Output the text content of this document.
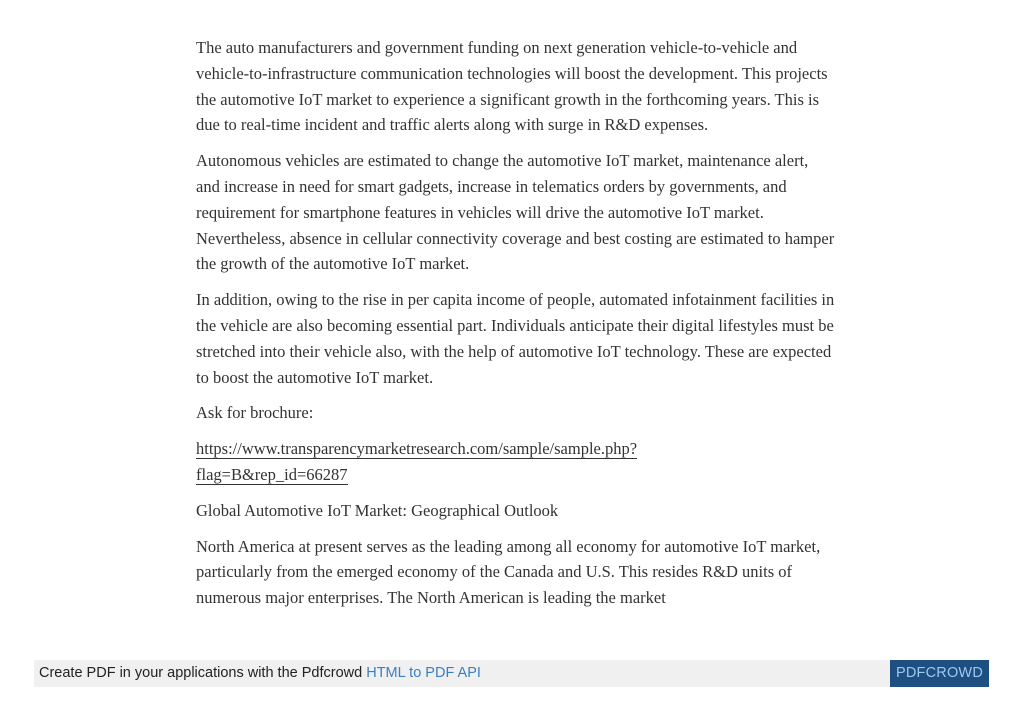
The auto manufacturers and government funding on next generation vehicle-to-vehicle and vehicle-to-infrastructure communication technologies will boost the development. This projects the automotive IoT market to experience a significant growth in the forthcoming years. This is due to real-time incident and traffic alerts along with surge in R&D expenses.

Autonomous vehicles are estimated to change the automotive IoT market, maintenance alert, and increase in need for smart gadgets, increase in telematics orders by governments, and requirement for smartphone features in vehicles will drive the automotive IoT market. Nevertheless, absence in cellular connectivity coverage and best costing are estimated to hamper the growth of the automotive IoT market.

In addition, owing to the rise in per capita income of people, automated infotainment facilities in the vehicle are also becoming essential part. Individuals anticipate their digital lifestyles must be stretched into their vehicle also, with the help of automotive IoT technology. These are expected to boost the automotive IoT market.

Ask for brochure:

https://www.transparencymarketresearch.com/sample/sample.php?
flag=B&rep_id=66287

Global Automotive IoT Market: Geographical Outlook

North America at present serves as the leading among all economy for automotive IoT market, particularly from the emerged economy of the Canada and U.S. This resides R&D units of numerous major enterprises. The North American is leading the market

Create PDF in your applications with the Pdfcrowd HTML to PDF API	PDFCROWD
